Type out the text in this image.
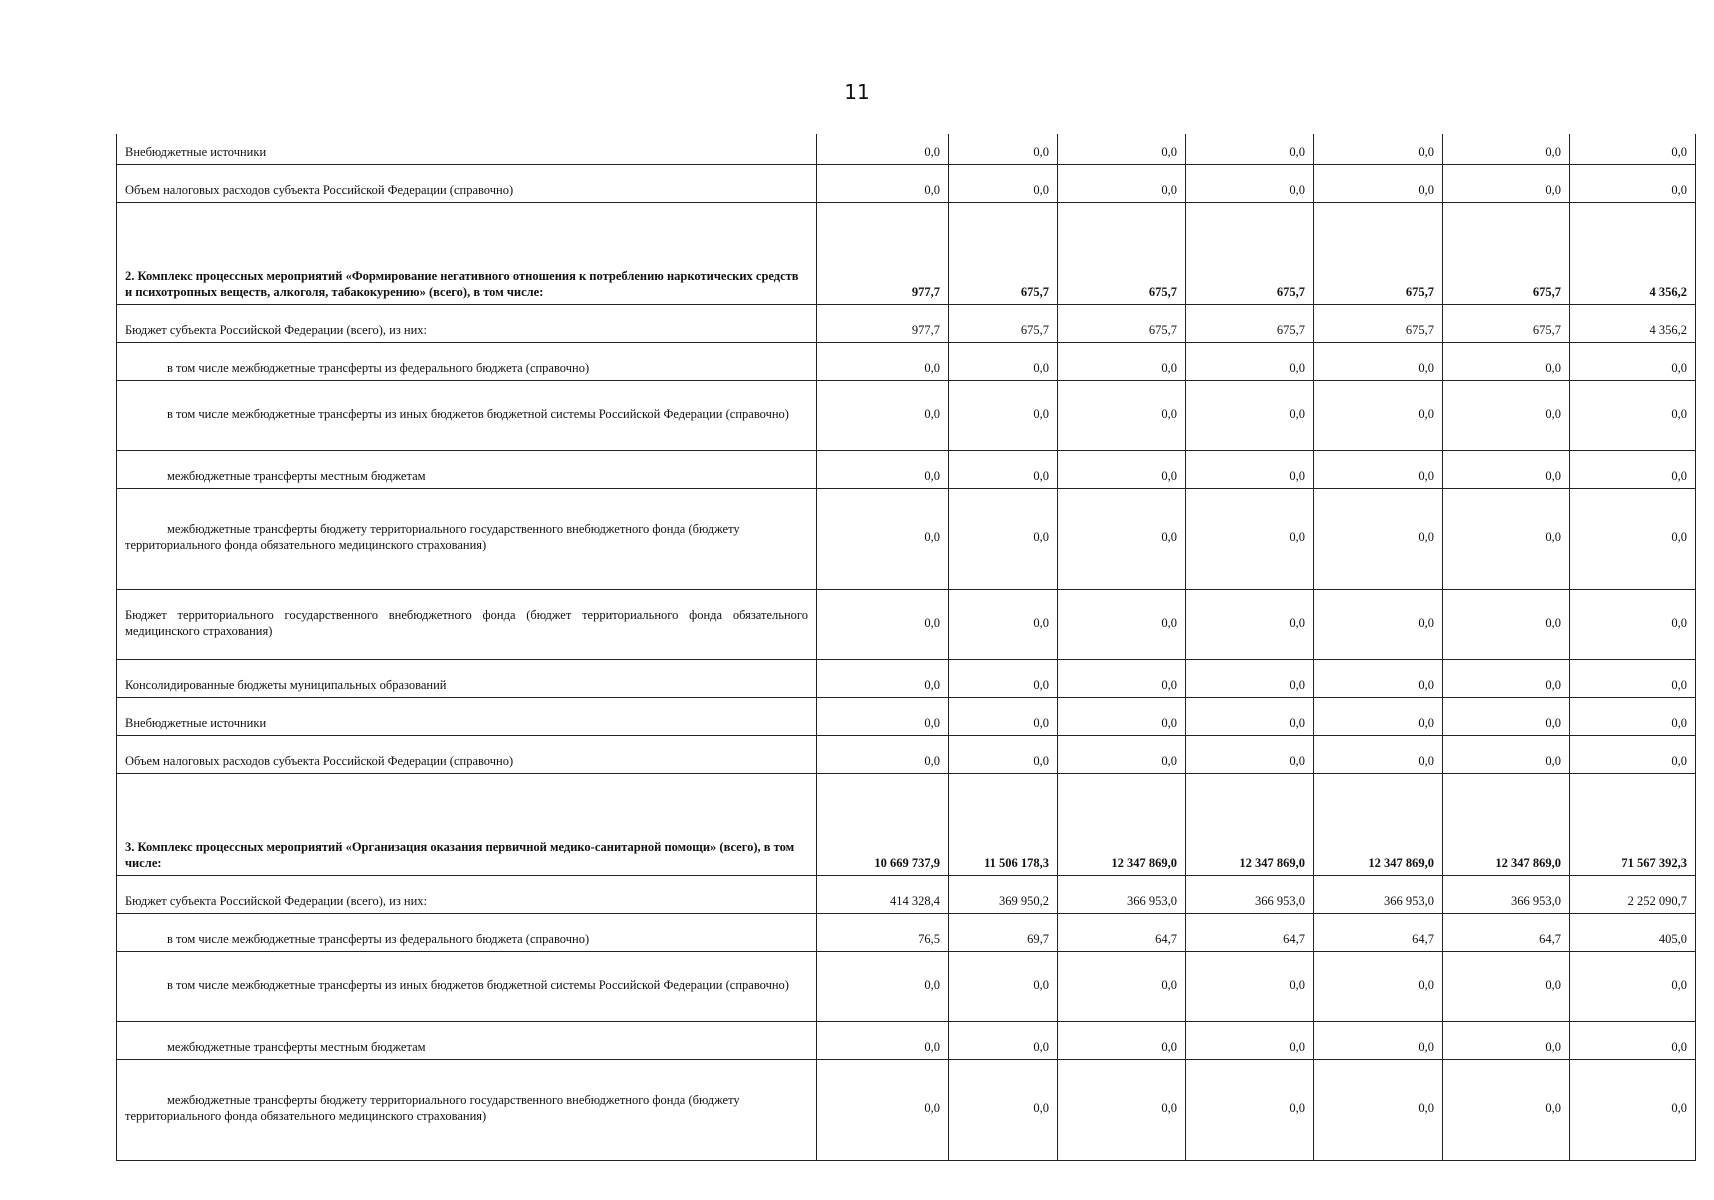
11
Внебюджетные источники	0,0	0,0	0,0	0,0	0,0	0,0	0,0
Объем налоговых расходов субъекта Российской Федерации (справочно)	0,0	0,0	0,0	0,0	0,0	0,0	0,0
2. Комплекс процессных мероприятий «Формирование негативного отношения к потреблению наркотических средств и психотропных веществ, алкоголя, табакокурению» (всего), в том числе:	977,7	675,7	675,7	675,7	675,7	675,7	4 356,2
Бюджет субъекта Российской Федерации (всего), из них:	977,7	675,7	675,7	675,7	675,7	675,7	4 356,2
в том числе межбюджетные трансферты из федерального бюджета (справочно)	0,0	0,0	0,0	0,0	0,0	0,0	0,0
в том числе межбюджетные трансферты из иных бюджетов бюджетной системы Российской Федерации (справочно)	0,0	0,0	0,0	0,0	0,0	0,0	0,0
межбюджетные трансферты местным бюджетам	0,0	0,0	0,0	0,0	0,0	0,0	0,0
межбюджетные трансферты бюджету территориального государственного внебюджетного фонда (бюджету территориального фонда обязательного медицинского страхования)	0,0	0,0	0,0	0,0	0,0	0,0	0,0
Бюджет территориального государственного внебюджетного фонда (бюджет территориального фонда обязательного медицинского страхования)	0,0	0,0	0,0	0,0	0,0	0,0	0,0
Консолидированные бюджеты муниципальных образований	0,0	0,0	0,0	0,0	0,0	0,0	0,0
Внебюджетные источники	0,0	0,0	0,0	0,0	0,0	0,0	0,0
Объем налоговых расходов субъекта Российской Федерации (справочно)	0,0	0,0	0,0	0,0	0,0	0,0	0,0
3. Комплекс процессных мероприятий «Организация оказания первичной медико-санитарной помощи» (всего), в том числе:	10 669 737,9	11 506 178,3	12 347 869,0	12 347 869,0	12 347 869,0	12 347 869,0	71 567 392,3
Бюджет субъекта Российской Федерации (всего), из них:	414 328,4	369 950,2	366 953,0	366 953,0	366 953,0	366 953,0	2 252 090,7
в том числе межбюджетные трансферты из федерального бюджета (справочно)	76,5	69,7	64,7	64,7	64,7	64,7	405,0
в том числе межбюджетные трансферты из иных бюджетов бюджетной системы Российской Федерации (справочно)	0,0	0,0	0,0	0,0	0,0	0,0	0,0
межбюджетные трансферты местным бюджетам	0,0	0,0	0,0	0,0	0,0	0,0	0,0
межбюджетные трансферты бюджету территориального государственного внебюджетного фонда (бюджету территориального фонда обязательного медицинского страхования)	0,0	0,0	0,0	0,0	0,0	0,0	0,0
